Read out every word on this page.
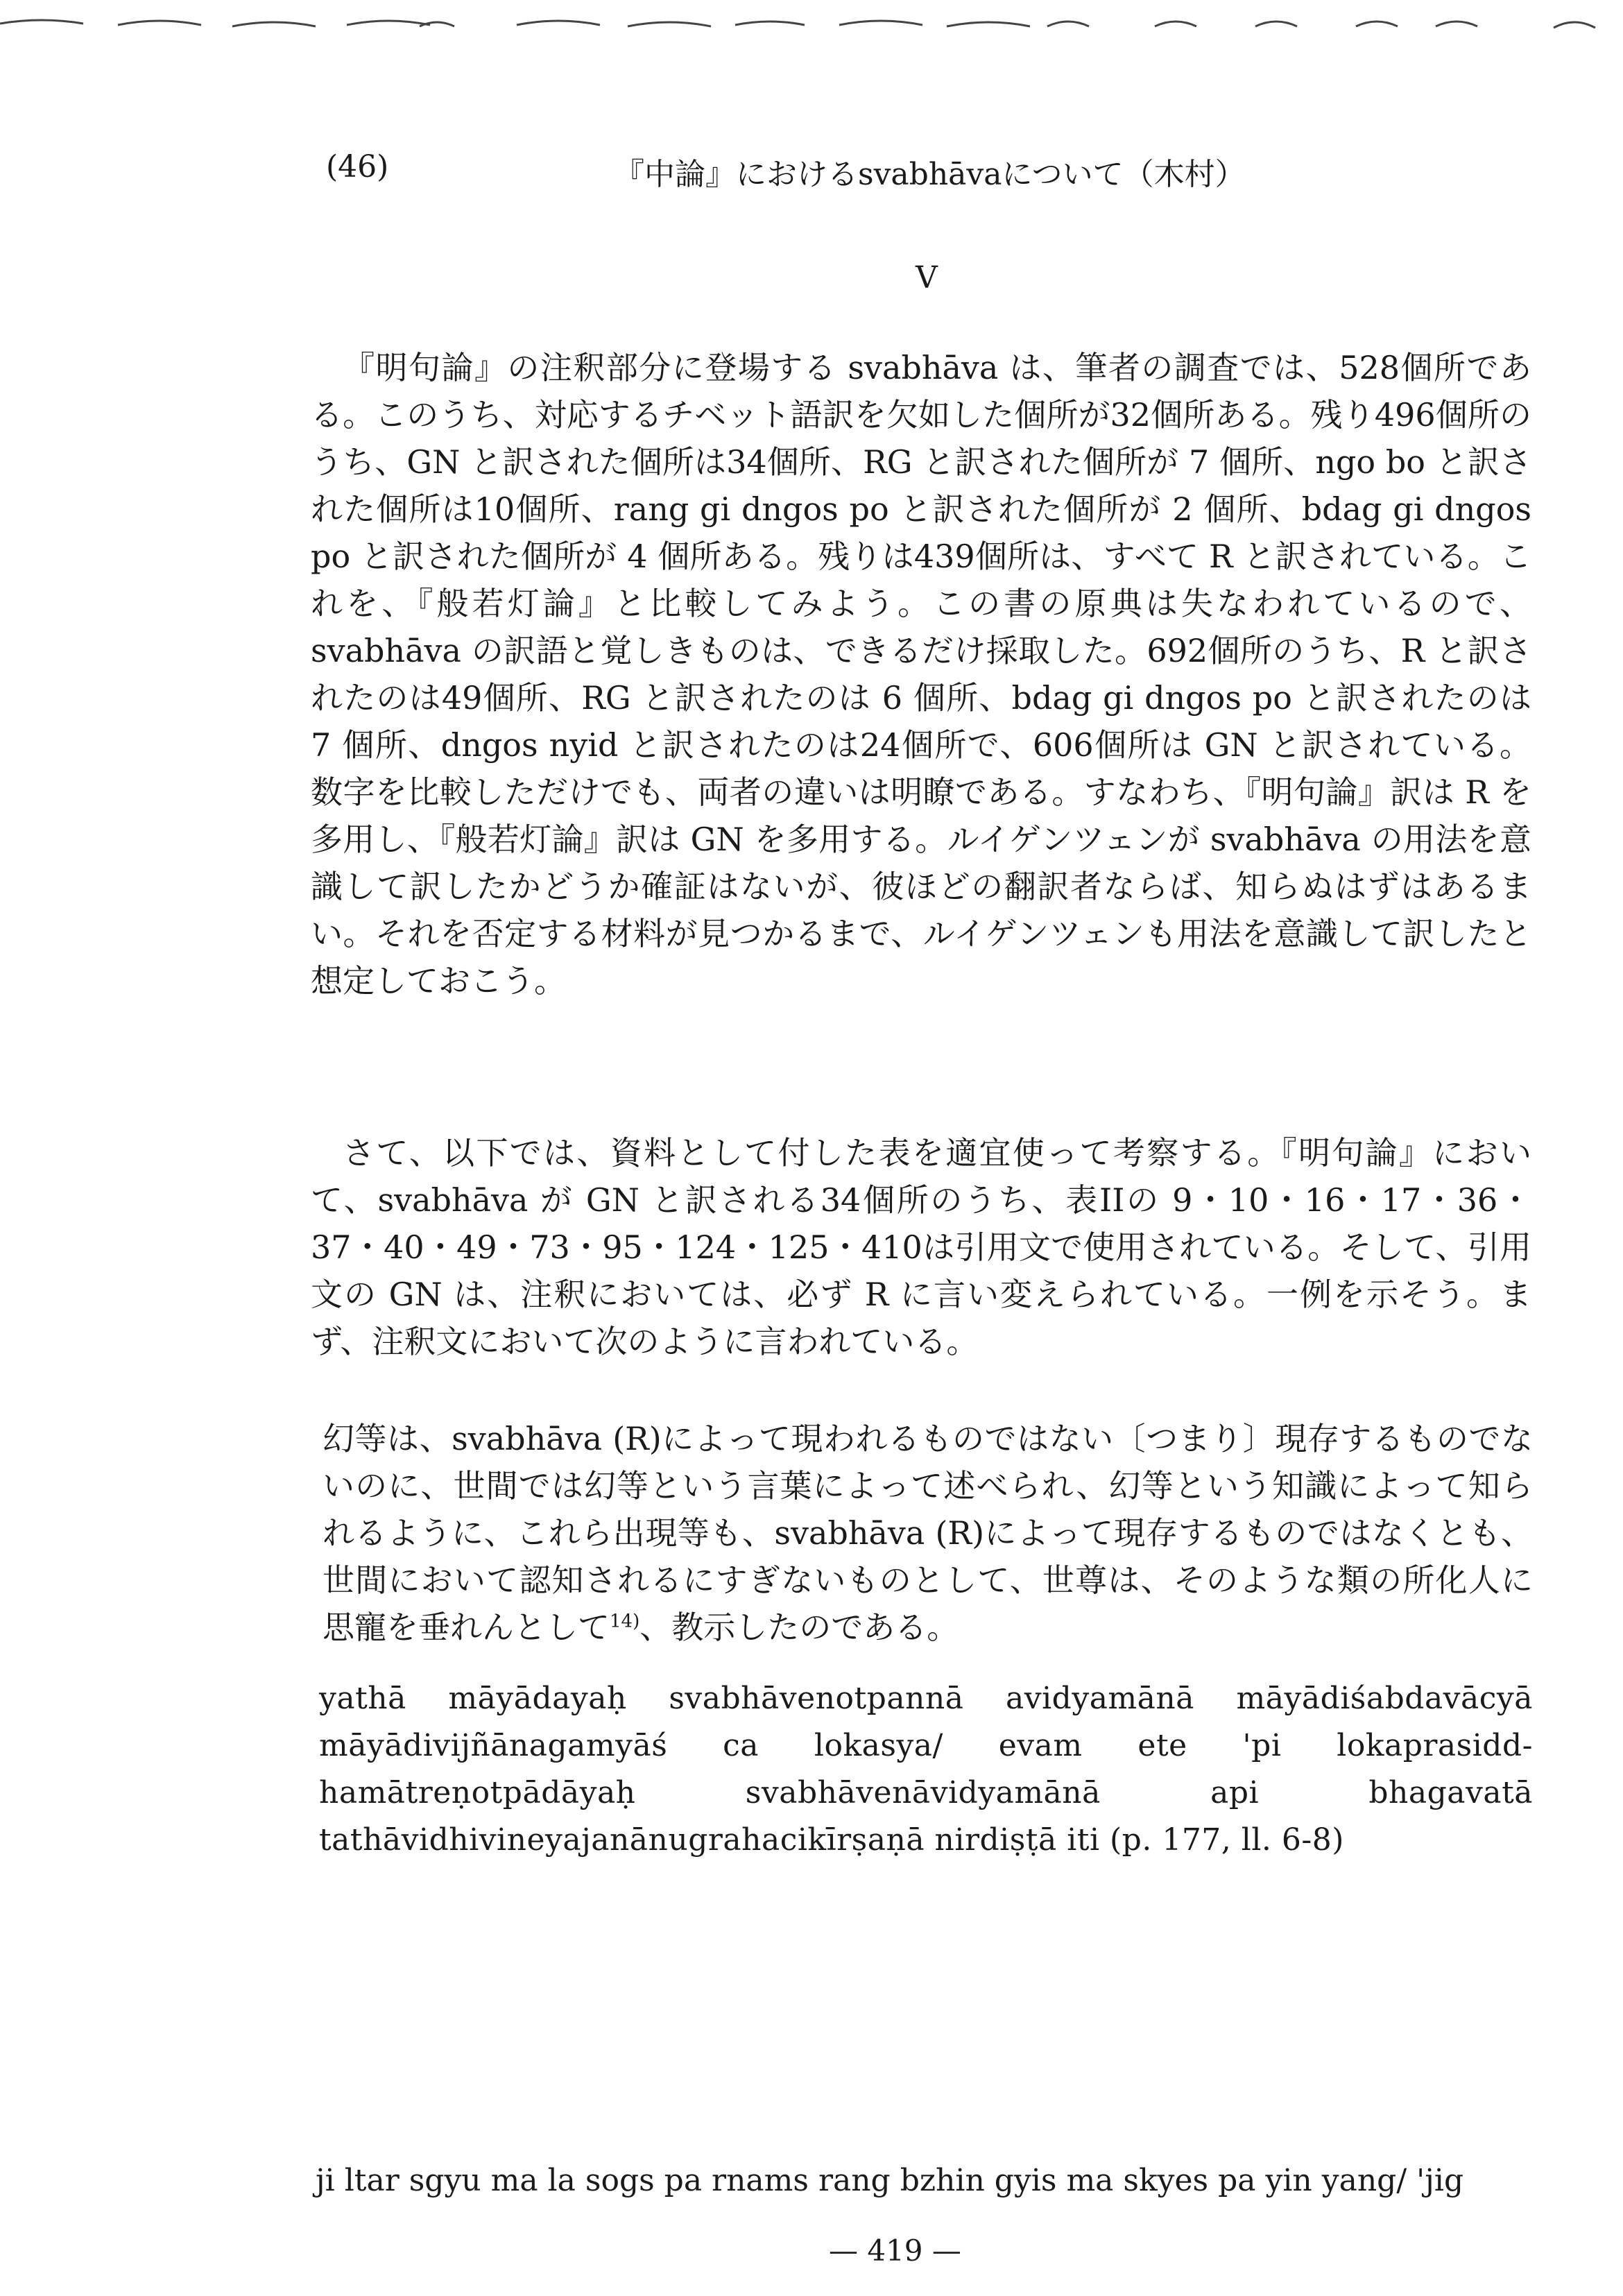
(46)	『中論』におけるsvabhāvaについて（木村）
V

『明句論』の注釈部分に登場する svabhāva は、筆者の調査では、528個所である。このうち、対応するチベット語訳を欠如した個所が32個所ある。残り496個所のうち、GN と訳された個所は34個所、RG と訳された個所が 7 個所、ngo bo と訳された個所は10個所、rang gi dngos po と訳された個所が 2 個所、bdag gi dngos po と訳された個所が 4 個所ある。残りは439個所は、すべて R と訳されている。これを、『般若灯論』と比較してみよう。この書の原典は失なわれているので、svabhāva の訳語と覚しきものは、できるだけ採取した。692個所のうち、R と訳されたのは49個所、RG と訳されたのは 6 個所、bdag gi dngos po と訳されたのは 7 個所、dngos nyid と訳されたのは24個所で、606個所は GN と訳されている。数字を比較しただけでも、両者の違いは明瞭である。すなわち、『明句論』訳は R を多用し、『般若灯論』訳は GN を多用する。ルイゲンツェンが svabhāva の用法を意識して訳したかどうか確証はないが、彼ほどの翻訳者ならば、知らぬはずはあるまい。それを否定する材料が見つかるまで、ルイゲンツェンも用法を意識して訳したと想定しておこう。

さて、以下では、資料として付した表を適宜使って考察する。『明句論』において、svabhāva が GN と訳される34個所のうち、表IIの 9・10・16・17・36・37・40・49・73・95・124・125・410は引用文で使用されている。そして、引用文の GN は、注釈においては、必ず R に言い変えられている。一例を示そう。まず、注釈文において次のように言われている。

幻等は、svabhāva (R)によって現われるものではない〔つまり〕現存するものでないのに、世間では幻等という言葉によって述べられ、幻等という知識によって知られるように、これら出現等も、svabhāva (R)によって現存するものではなくとも、世間において認知されるにすぎないものとして、世尊は、そのような類の所化人に思寵を垂れんとして$^{14)}$、教示したのである。

yathā māyādayaḥ svabhāvenotpannā avidyamānā māyādiśabdavācyā māyādivijñānagamyāś ca lokasya/ evam ete 'pi lokaprasidd-hamātreṇotpādāyaḥ svabhāvenāvidyamānā api bhagavatā tathāvidhivineyajanānugrahacikīrṣaṇā nirdiṣṭā iti (p. 177, ll. 6-8)
ji ltar sgyu ma la sogs pa rnams rang bzhin gyis ma skyes pa yin yang/ 'jig
— 419 —
